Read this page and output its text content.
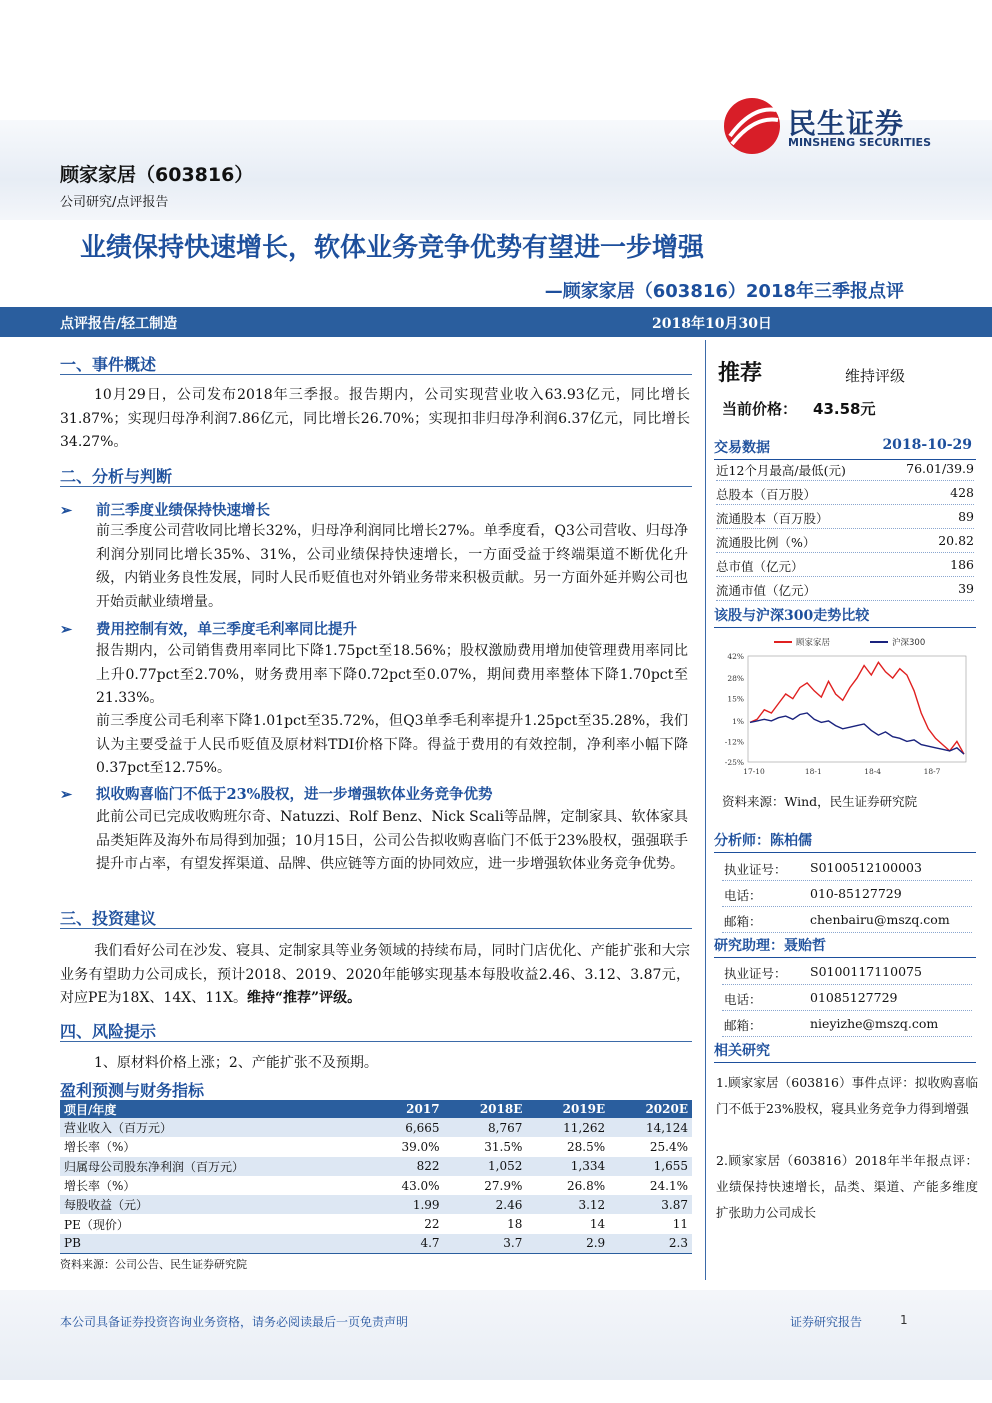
民生证券
MINSHENG SECURITIES
顾家家居（603816）
公司研究/点评报告
业绩保持快速增长，软体业务竞争优势有望进一步增强
—顾家家居（603816）2018年三季报点评
点评报告/轻工制造	2018年10月30日
一、事件概述
10月29日，公司发布2018年三季报。报告期内，公司实现营业收入63.93亿元，同比增长31.87%；实现归母净利润7.86亿元，同比增长26.70%；实现扣非归母净利润6.37亿元，同比增长34.27%。
二、分析与判断
➢ 前三季度业绩保持快速增长
前三季度公司营收同比增长32%，归母净利润同比增长27%。单季度看，Q3公司营收、归母净利润分别同比增长35%、31%，公司业绩保持快速增长，一方面受益于终端渠道不断优化升级，内销业务良性发展，同时人民币贬值也对外销业务带来积极贡献。另一方面外延并购公司也开始贡献业绩增量。
➢ 费用控制有效，单三季度毛利率同比提升
报告期内，公司销售费用率同比下降1.75pct至18.56%；股权激励费用增加使管理费用率同比上升0.77pct至2.70%，财务费用率下降0.72pct至0.07%，期间费用率整体下降1.70pct至21.33%。
前三季度公司毛利率下降1.01pct至35.72%，但Q3单季毛利率提升1.25pct至35.28%，我们认为主要受益于人民币贬值及原材料TDI价格下降。得益于费用的有效控制，净利率小幅下降0.37pct至12.75%。
➢ 拟收购喜临门不低于23%股权，进一步增强软体业务竞争优势
此前公司已完成收购班尔奇、Natuzzi、Rolf Benz、Nick Scali等品牌，定制家具、软体家具品类矩阵及海外布局得到加强；10月15日，公司公告拟收购喜临门不低于23%股权，强强联手提升市占率，有望发挥渠道、品牌、供应链等方面的协同效应，进一步增强软体业务竞争优势。
三、投资建议
我们看好公司在沙发、寝具、定制家具等业务领域的持续布局，同时门店优化、产能扩张和大宗业务有望助力公司成长，预计2018、2019、2020年能够实现基本每股收益2.46、3.12、3.87元，对应PE为18X、14X、11X。维持“推荐”评级。
四、风险提示
1、原材料价格上涨；2、产能扩张不及预期。
盈利预测与财务指标
项目/年度	2017	2018E	2019E	2020E
营业收入（百万元）	6,665	8,767	11,262	14,124
增长率（%）	39.0%	31.5%	28.5%	25.4%
归属母公司股东净利润（百万元）	822	1,052	1,334	1,655
增长率（%）	43.0%	27.9%	26.8%	24.1%
每股收益（元）	1.99	2.46	3.12	3.87
PE（现价）	22	18	14	11
PB	4.7	3.7	2.9	2.3
资料来源：公司公告、民生证券研究院
推荐	维持评级
当前价格： 43.58元
交易数据	2018-10-29
近12个月最高/最低(元)	76.01/39.9
总股本（百万股）	428
流通股本（百万股）	89
流通股比例（%）	20.82
总市值（亿元）	186
流通市值（亿元）	39
该股与沪深300走势比较
顾家家居	沪深300
42%
28%
15%
1%
-12%
-25%
17-10	18-1	18-4	18-7
资料来源：Wind，民生证券研究院
分析师：陈柏儒
执业证号： S0100512100003
电话：	010-85127729
邮箱：	chenbairu@mszq.com
研究助理：聂贻哲
执业证号： S0100117110075
电话：	01085127729
邮箱：	nieyizhe@mszq.com
相关研究
1.顾家家居（603816）事件点评：拟收购喜临门不低于23%股权，寝具业务竞争力得到增强
2.顾家家居（603816）2018年半年报点评：业绩保持快速增长，品类、渠道、产能多维度扩张助力公司成长
本公司具备证券投资咨询业务资格，请务必阅读最后一页免责声明	证券研究报告	1
